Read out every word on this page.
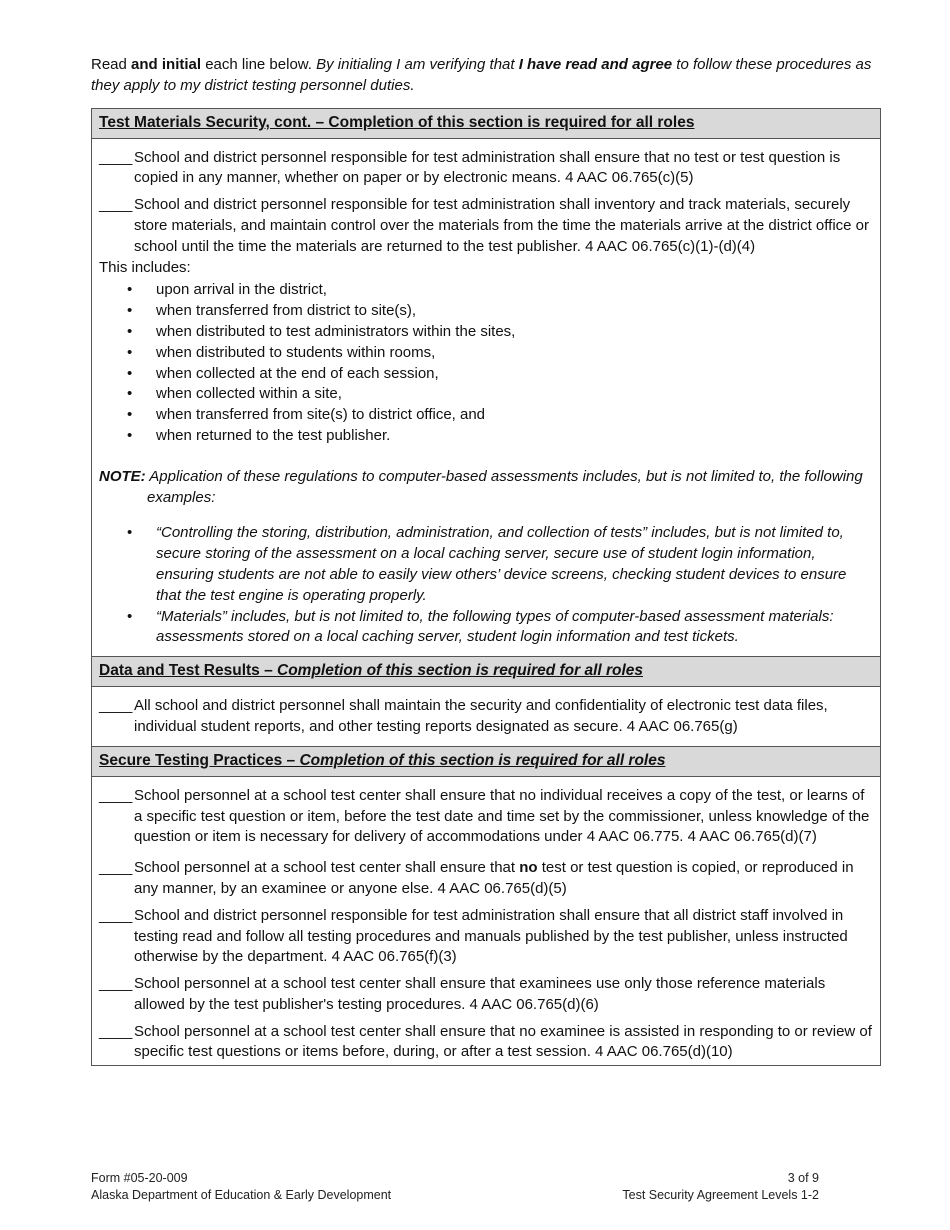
Read and initial each line below. By initialing I am verifying that I have read and agree to follow these procedures as they apply to my district testing personnel duties.

Test Materials Security, cont. – Completion of this section is required for all roles
____ School and district personnel responsible for test administration shall ensure that no test or test question is copied in any manner, whether on paper or by electronic means. 4 AAC 06.765(c)(5)
____ School and district personnel responsible for test administration shall inventory and track materials, securely store materials, and maintain control over the materials from the time the materials arrive at the district office or school until the time the materials are returned to the test publisher. 4 AAC 06.765(c)(1)-(d)(4)

This includes:

• upon arrival in the district,
• when transferred from district to site(s),
• when distributed to test administrators within the sites,
• when distributed to students within rooms,
• when collected at the end of each session,
• when collected within a site,
• when transferred from site(s) to district office, and
• when returned to the test publisher.

NOTE: Application of these regulations to computer-based assessments includes, but is not limited to, the following examples:

• “Controlling the storing, distribution, administration, and collection of tests” includes, but is not limited to, secure storing of the assessment on a local caching server, secure use of student login information, ensuring students are not able to easily view others’ device screens, checking student devices to ensure that the test engine is operating properly.
• “Materials” includes, but is not limited to, the following types of computer-based assessment materials: assessments stored on a local caching server, student login information and test tickets.
Data and Test Results – Completion of this section is required for all roles
____ All school and district personnel shall maintain the security and confidentiality of electronic test data files, individual student reports, and other testing reports designated as secure. 4 AAC 06.765(g)
Secure Testing Practices – Completion of this section is required for all roles
____ School personnel at a school test center shall ensure that no individual receives a copy of the test, or learns of a specific test question or item, before the test date and time set by the commissioner, unless knowledge of the question or item is necessary for delivery of accommodations under 4 AAC 06.775. 4 AAC 06.765(d)(7)
____ School personnel at a school test center shall ensure that no test or test question is copied, or reproduced in any manner, by an examinee or anyone else. 4 AAC 06.765(d)(5)
____ School and district personnel responsible for test administration shall ensure that all district staff involved in testing read and follow all testing procedures and manuals published by the test publisher, unless instructed otherwise by the department. 4 AAC 06.765(f)(3)
____ School personnel at a school test center shall ensure that examinees use only those reference materials allowed by the test publisher's testing procedures. 4 AAC 06.765(d)(6)
____ School personnel at a school test center shall ensure that no examinee is assisted in responding to or review of specific test questions or items before, during, or after a test session. 4 AAC 06.765(d)(10)
Form #05-20-009
Alaska Department of Education & Early Development
3 of 9
Test Security Agreement Levels 1-2
